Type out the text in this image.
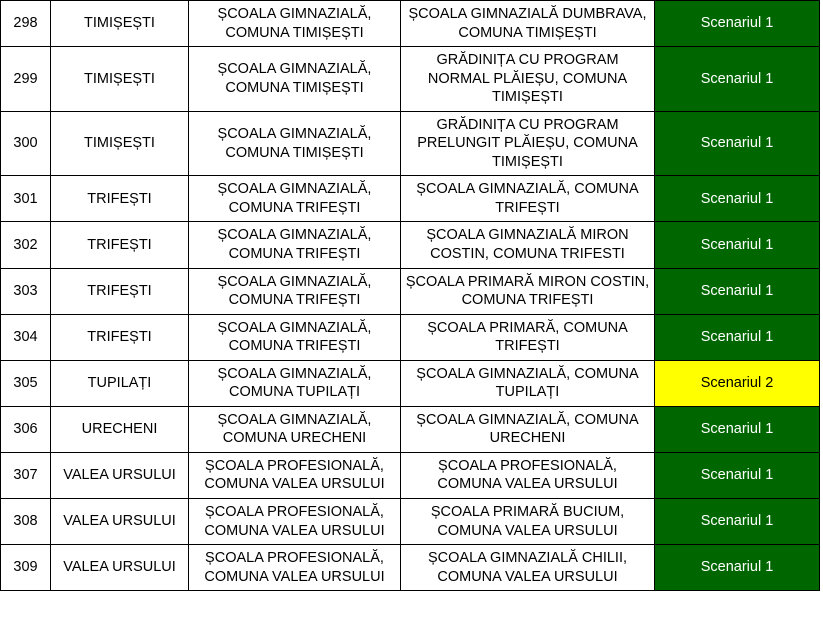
298	TIMIȘEȘTI	ȘCOALA GIMNAZIALĂ, COMUNA TIMIȘEȘTI	ȘCOALA GIMNAZIALĂ DUMBRAVA, COMUNA TIMIȘEȘTI	Scenariul 1
299	TIMIȘEȘTI	ȘCOALA GIMNAZIALĂ, COMUNA TIMIȘEȘTI	GRĂDINIȚA CU PROGRAM NORMAL PLĂIEȘU, COMUNA TIMIȘEȘTI	Scenariul 1
300	TIMIȘEȘTI	ȘCOALA GIMNAZIALĂ, COMUNA TIMIȘEȘTI	GRĂDINIȚA CU PROGRAM PRELUNGIT PLĂIEȘU, COMUNA TIMIȘEȘTI	Scenariul 1
301	TRIFEȘTI	ȘCOALA GIMNAZIALĂ, COMUNA TRIFEȘTI	ȘCOALA GIMNAZIALĂ, COMUNA TRIFEȘTI	Scenariul 1
302	TRIFEȘTI	ȘCOALA GIMNAZIALĂ, COMUNA TRIFEȘTI	ȘCOALA GIMNAZIALĂ MIRON COSTIN, COMUNA TRIFESTI	Scenariul 1
303	TRIFEȘTI	ȘCOALA GIMNAZIALĂ, COMUNA TRIFEȘTI	ȘCOALA PRIMARĂ MIRON COSTIN, COMUNA TRIFEȘTI	Scenariul 1
304	TRIFEȘTI	ȘCOALA GIMNAZIALĂ, COMUNA TRIFEȘTI	ȘCOALA PRIMARĂ, COMUNA TRIFEȘTI	Scenariul 1
305	TUPILAȚI	ȘCOALA GIMNAZIALĂ, COMUNA TUPILAȚI	ȘCOALA GIMNAZIALĂ, COMUNA TUPILAȚI	Scenariul 2
306	URECHENI	ȘCOALA GIMNAZIALĂ, COMUNA URECHENI	ȘCOALA GIMNAZIALĂ, COMUNA URECHENI	Scenariul 1
307	VALEA URSULUI	ȘCOALA PROFESIONALĂ, COMUNA VALEA URSULUI	ȘCOALA PROFESIONALĂ, COMUNA VALEA URSULUI	Scenariul 1
308	VALEA URSULUI	ȘCOALA PROFESIONALĂ, COMUNA VALEA URSULUI	ȘCOALA PRIMARĂ BUCIUM, COMUNA VALEA URSULUI	Scenariul 1
309	VALEA URSULUI	ȘCOALA PROFESIONALĂ, COMUNA VALEA URSULUI	ȘCOALA GIMNAZIALĂ CHILII, COMUNA VALEA URSULUI	Scenariul 1
